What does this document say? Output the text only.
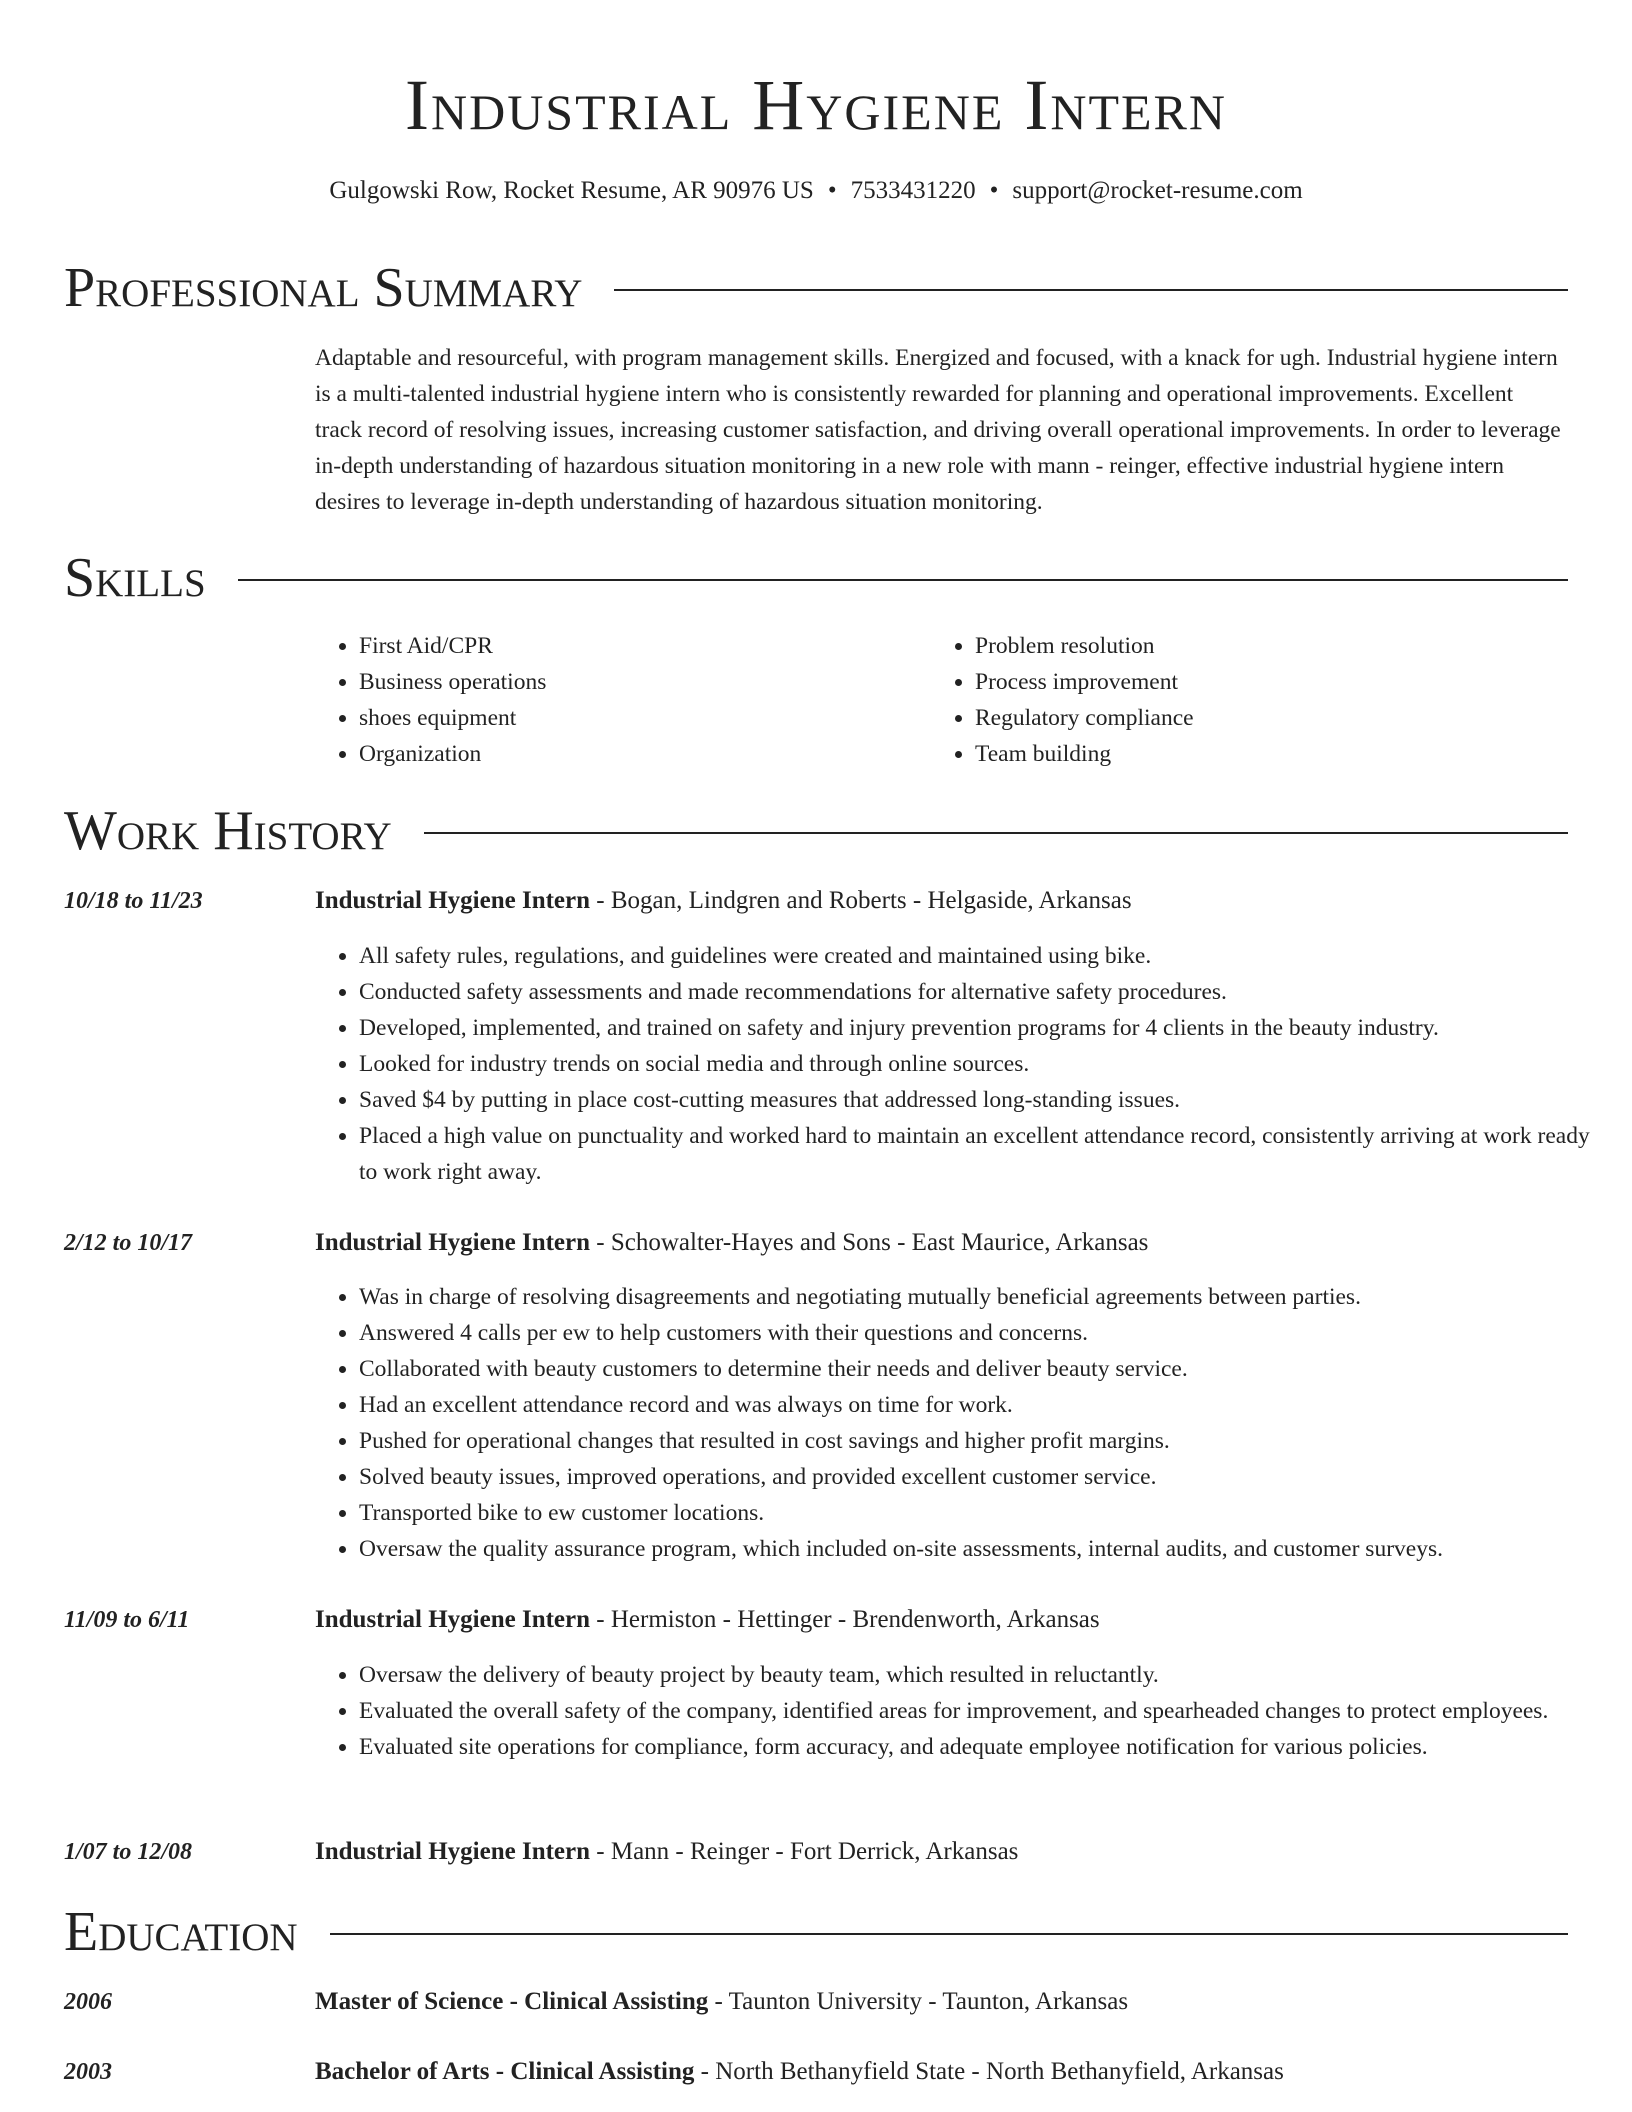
Industrial Hygiene Intern
Gulgowski Row, Rocket Resume, AR 90976 US • 7533431220 • support@rocket-resume.com
Professional Summary

Adaptable and resourceful, with program management skills. Energized and focused, with a knack for ugh. Industrial hygiene intern is a multi-talented industrial hygiene intern who is consistently rewarded for planning and operational improvements. Excellent track record of resolving issues, increasing customer satisfaction, and driving overall operational improvements. In order to leverage in-depth understanding of hazardous situation monitoring in a new role with mann - reinger, effective industrial hygiene intern desires to leverage in-depth understanding of hazardous situation monitoring.

Skills
• First Aid/CPR
• Business operations
• shoes equipment
• Organization
• Problem resolution
• Process improvement
• Regulatory compliance
• Team building
Work History
10/18 to 11/23	Industrial Hygiene Intern - Bogan, Lindgren and Roberts - Helgaside, Arkansas
• All safety rules, regulations, and guidelines were created and maintained using bike.
• Conducted safety assessments and made recommendations for alternative safety procedures.
• Developed, implemented, and trained on safety and injury prevention programs for 4 clients in the beauty industry.
• Looked for industry trends on social media and through online sources.
• Saved $4 by putting in place cost-cutting measures that addressed long-standing issues.
• Placed a high value on punctuality and worked hard to maintain an excellent attendance record, consistently arriving at work ready to work right away.
2/12 to 10/17	Industrial Hygiene Intern - Schowalter-Hayes and Sons - East Maurice, Arkansas
• Was in charge of resolving disagreements and negotiating mutually beneficial agreements between parties.
• Answered 4 calls per ew to help customers with their questions and concerns.
• Collaborated with beauty customers to determine their needs and deliver beauty service.
• Had an excellent attendance record and was always on time for work.
• Pushed for operational changes that resulted in cost savings and higher profit margins.
• Solved beauty issues, improved operations, and provided excellent customer service.
• Transported bike to ew customer locations.
• Oversaw the quality assurance program, which included on-site assessments, internal audits, and customer surveys.
11/09 to 6/11	Industrial Hygiene Intern - Hermiston - Hettinger - Brendenworth, Arkansas
• Oversaw the delivery of beauty project by beauty team, which resulted in reluctantly.
• Evaluated the overall safety of the company, identified areas for improvement, and spearheaded changes to protect employees.
• Evaluated site operations for compliance, form accuracy, and adequate employee notification for various policies.
1/07 to 12/08	Industrial Hygiene Intern - Mann - Reinger - Fort Derrick, Arkansas
Education
2006	Master of Science - Clinical Assisting - Taunton University - Taunton, Arkansas
2003	Bachelor of Arts - Clinical Assisting - North Bethanyfield State - North Bethanyfield, Arkansas
